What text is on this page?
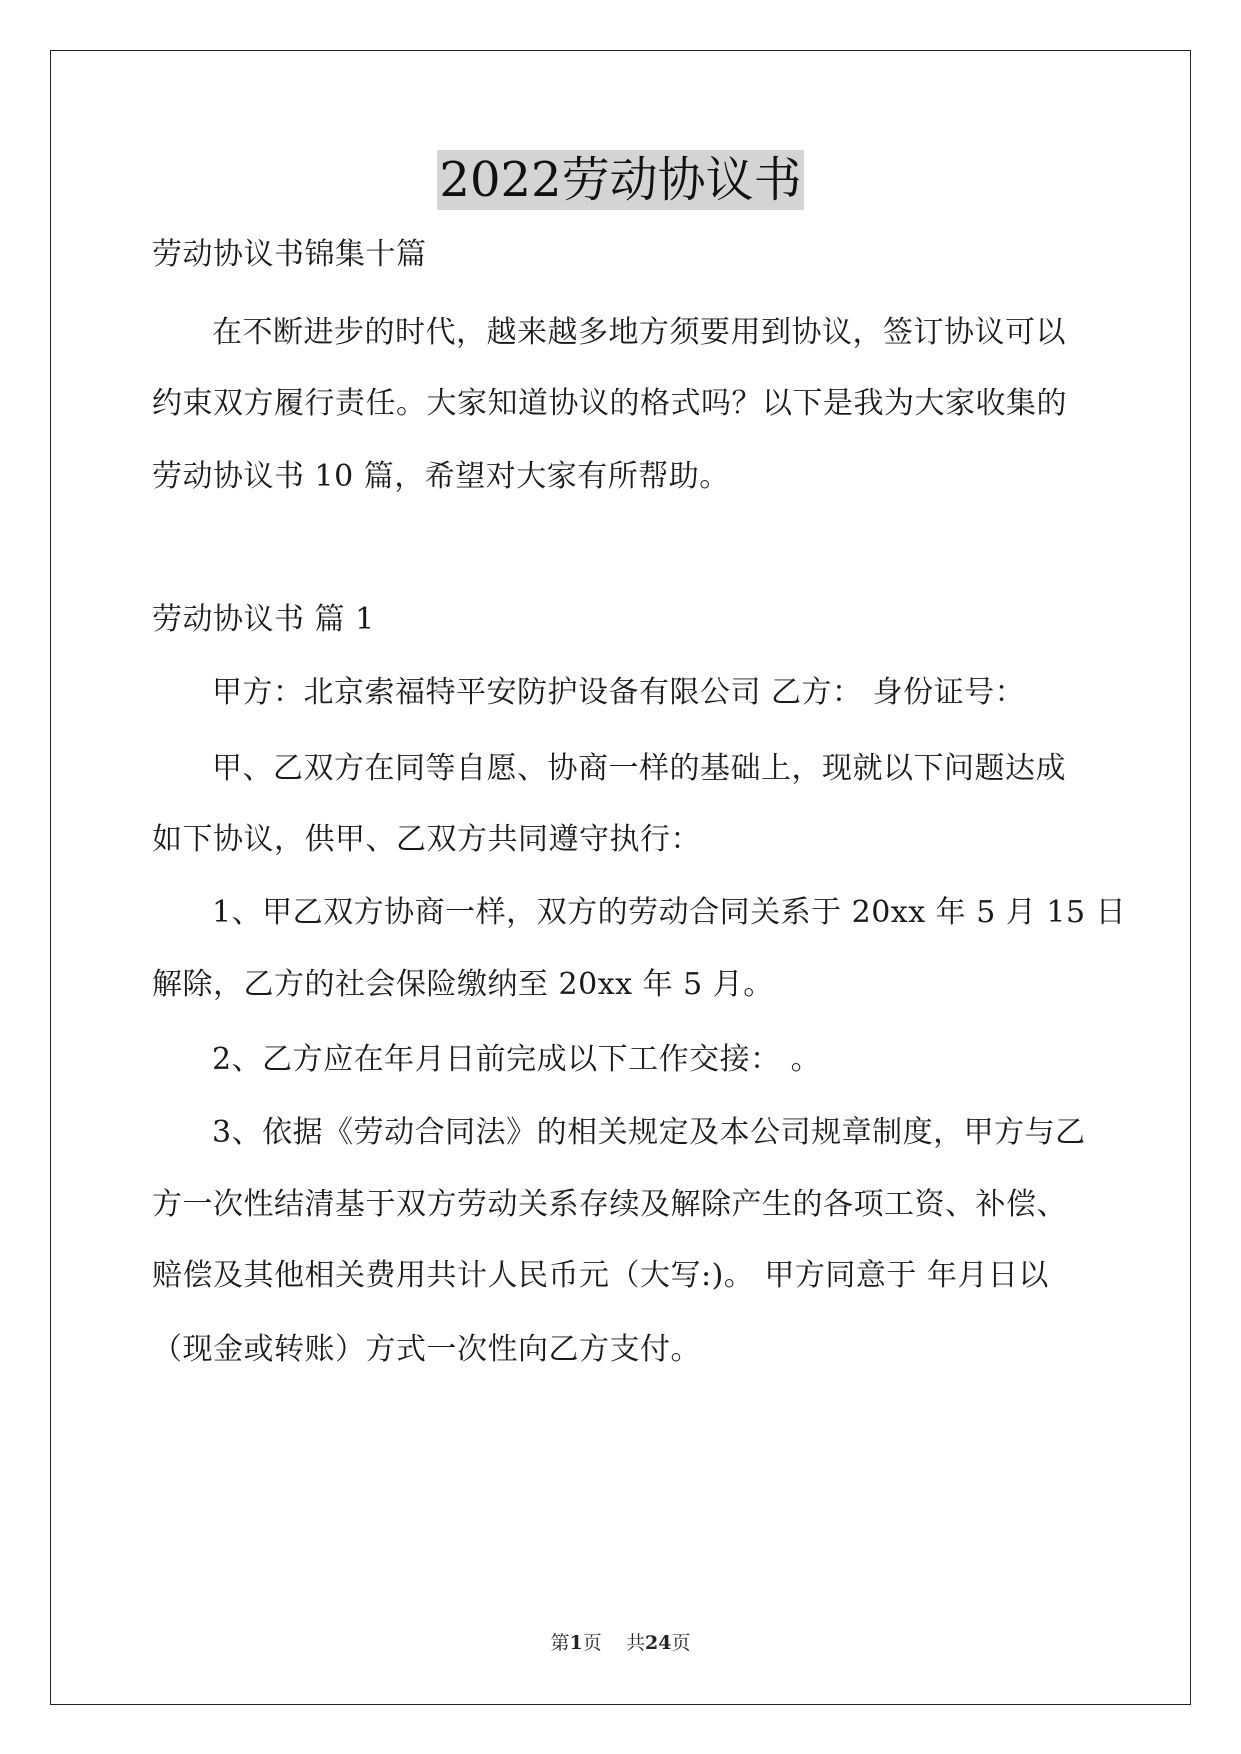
2022劳动协议书
劳动协议书锦集十篇
在不断进步的时代，越来越多地方须要用到协议，签订协议可以
约束双方履行责任。大家知道协议的格式吗？以下是我为大家收集的
劳动协议书 10 篇，希望对大家有所帮助。
劳动协议书 篇 1
甲方：北京索福特平安防护设备有限公司 乙方： 身份证号：
甲、乙双方在同等自愿、协商一样的基础上，现就以下问题达成
如下协议，供甲、乙双方共同遵守执行：
1、甲乙双方协商一样，双方的劳动合同关系于 20xx 年 5 月 15 日
解除，乙方的社会保险缴纳至 20xx 年 5 月。
2、乙方应在年月日前完成以下工作交接： 。
3、依据《劳动合同法》的相关规定及本公司规章制度，甲方与乙
方一次性结清基于双方劳动关系存续及解除产生的各项工资、补偿、
赔偿及其他相关费用共计人民币元（大写:)。 甲方同意于 年月日以
（现金或转账）方式一次性向乙方支付。
第1页 共24页
